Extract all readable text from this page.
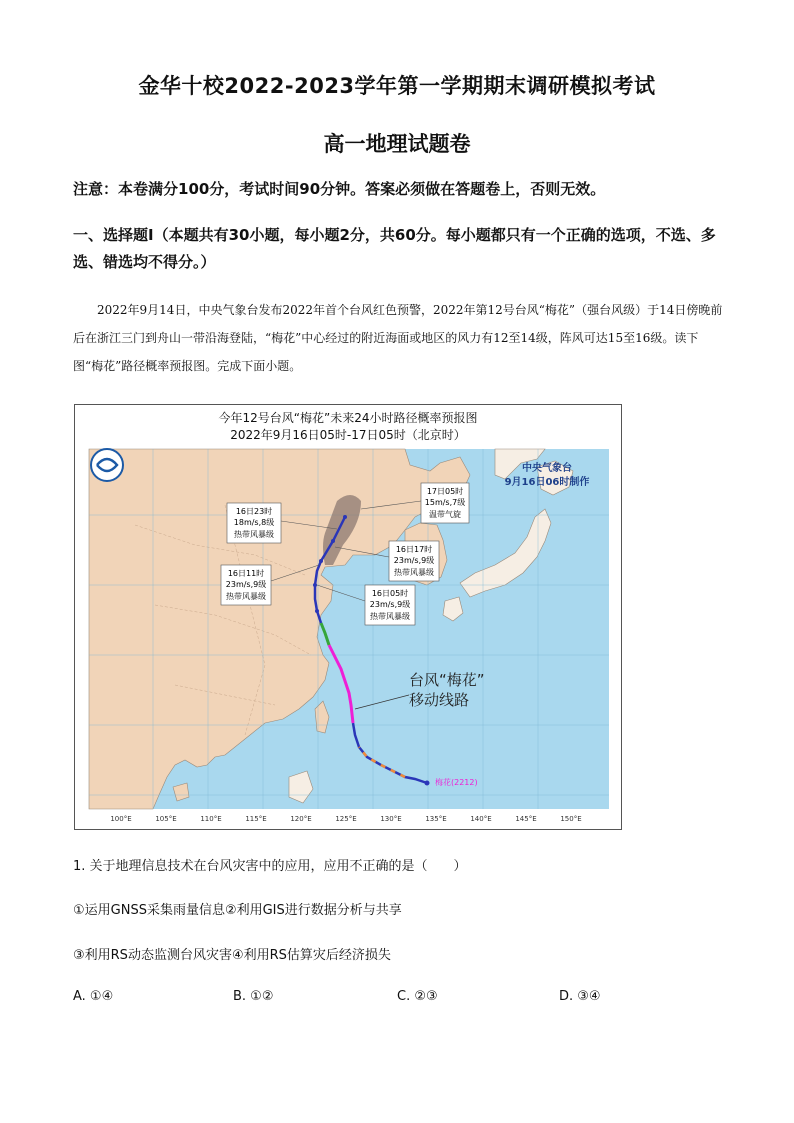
金华十校2022-2023学年第一学期期末调研模拟考试
高一地理试题卷
注意：本卷满分100分，考试时间90分钟。答案必须做在答题卷上，否则无效。
一、选择题Ⅰ（本题共有30小题，每小题2分，共60分。每小题都只有一个正确的选项，不选、多选、错选均不得分。）
2022年9月14日，中央气象台发布2022年首个台风红色预警，2022年第12号台风“梅花”（强台风级）于14日傍晚前后在浙江三门到舟山一带沿海登陆，“梅花”中心经过的附近海面或地区的风力有12至14级，阵风可达15至16级。读下图“梅花”路径概率预报图。完成下面小题。
今年12号台风“梅花”未来24小时路径概率预报图
2022年9月16日05时-17日05时（北京时）
中央气象台
9月16日06时制作
17日05时
15m/s,7级
温带气旋
16日23时
18m/s,8级
热带风暴级
16日17时
23m/s,9级
热带风暴级
16日11时
23m/s,9级
热带风暴级	16日05时
23m/s,9级
热带风暴级
台风“梅花”
移动线路
梅花(2212)
100°E	105°E	110°E	115°E	120°E	125°E	130°E	135°E	140°E	145°E	150°E
1. 关于地理信息技术在台风灾害中的应用，应用不正确的是（　　）
①运用GNSS采集雨量信息②利用GIS进行数据分析与共享
③利用RS动态监测台风灾害④利用RS估算灾后经济损失
A. ①④	B. ①②	C. ②③	D. ③④
